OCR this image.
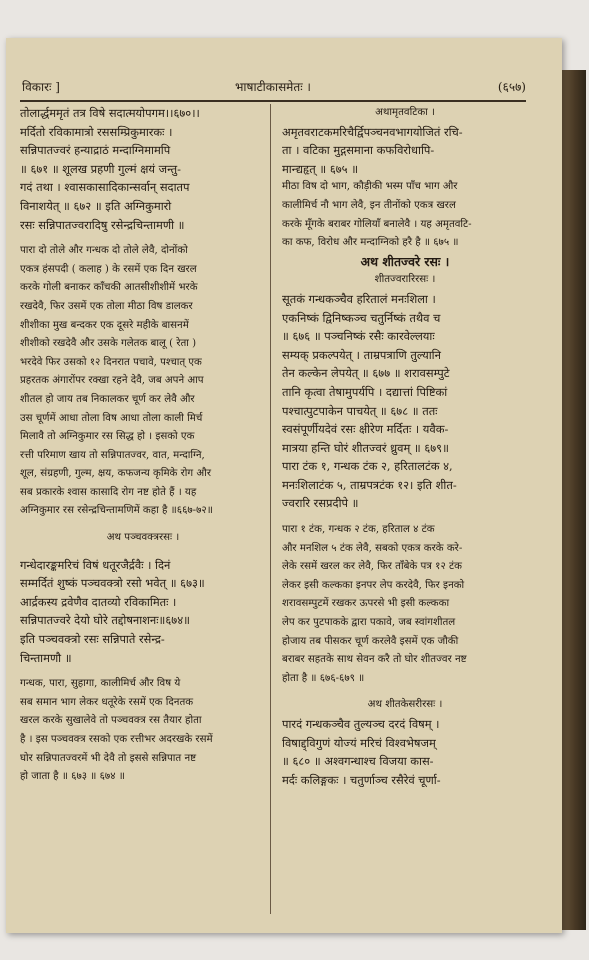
विकारः ]	भाषाटीकासमेतः ।	(६५७)
तोलार्द्धममृतं तत्र विषे सदात्मयोपगम।।६७०।।
मर्दितो रविकामात्रो रससम्प्रिकुमारकः ।
सन्निपातज्वरं हन्याद्राठं मन्दाग्निमामपि
॥ ६७१ ॥ शूलख प्रहणी गुल्मं क्षयं जन्तु-
गदं तथा । श्वासकासादिकान्सर्वान् सदातप
विनाशयेत् ॥ ६७२ ॥ इति अग्निकुमारो
रसः सन्निपातज्वरादिषु रसेन्द्रचिन्तामणी ॥
पारा दो तोले और गन्धक दो तोले लेवै, दोनोंको
एकत्र हंसपदी ( कलाह ) के रसमें एक दिन खरल
करके गोली बनाकर काँचकी आतसीशीशीमें भरके
रखदेवै, फिर उसमें एक तोला मीठा विष डालकर
शीशीका मुख बन्दकर एक दूसरे महीके बासनमें
शीशीको रखदेवै और उसके गलेतक बालू ( रेता )
भरदेवे फिर उसको १२ दिनरात पचावे, पश्चात् एक
प्रहरतक अंगारोंपर रक्खा रहने देवै, जब अपने आप
शीतल हो जाय तब निकालकर चूर्ण कर लेवै और
उस चूर्णमें आधा तोला विष आधा तोला काली मिर्च
मिलावै तो अग्निकुमार रस सिद्ध हो । इसको एक
रत्ती परिमाण खाय तो सन्निपातज्वर, वात, मन्दाग्नि,
शूल, संग्रहणी, गुल्म, क्षय, कफजन्य कृमिके रोग और
सब प्रकारके श्वास कासादि रोग नष्ट होते हैं । यह
अग्निकुमार रस रसेन्द्रचिन्तामणिमें कहा है ॥६६७-७२॥
अथ पञ्चवक्त्ररसः ।
गन्धेदारङ्कमरिचं विषं धतूरजैर्द्रवैः । दिनं
सम्मर्दितं शुष्कं पञ्चवक्त्रो रसो भवेत् ॥ ६७३॥
आर्द्रकस्य द्रवेणैव दातव्यो रविकामितः ।
सन्निपातज्वरे देयो घोरे तद्दोषनाशनः॥६७४॥
इति पञ्चवक्त्रो रसः सन्निपाते रसेन्द्र-
चिन्तामणौ ॥
गन्धक, पारा, सुहागा, कालीमिर्च और विष ये
सब समान भाग लेकर धतूरेके रसमें एक दिनतक
खरल करके सुखालेवे तो पञ्चवक्त्र रस तैयार होता
है । इस पञ्चवक्त्र रसको एक रत्तीभर अदरखके रसमें
घोर सन्निपातज्वरमें भी देवै तो इससे सन्निपात नष्ट
हो जाता है ॥ ६७३ ॥ ६७४ ॥
अथामृतवटिका ।
अमृतवराटकमरिचैर्द्विपञ्चनवभागयोजितं रचि-
ता । वटिका मुद्गसमाना कफविरोधापि-
मान्द्यहृत् ॥ ६७५ ॥
मीठा विष दो भाग, कौड़ीकी भस्म पाँच भाग और
कालीमिर्च नौ भाग लेवै, इन तीनोंको एकत्र खरल
करके मूँगके बराबर गोलियाँ बनालेवै । यह अमृतवटि-
का कफ, विरोध और मन्दाग्निको हरै है ॥ ६७५ ॥
अथ शीतज्वरे रसः ।
शीतज्वरारिरसः ।
सूतकं गन्धकञ्चैव हरितालं मनःशिला ।
एकनिष्कं द्विनिष्कञ्च चतुर्निष्कं तथैव च
॥ ६७६ ॥ पञ्चनिष्कं रसैः कारवेल्लयाः
सम्यक् प्रकल्पयेत् । ताम्रपत्राणि तुल्यानि
तेन कल्केन लेपयेत् ॥ ६७७ ॥ शरावसम्पुटे
तानि कृत्वा तेषामुपर्यपि । दद्यात्तां पिष्टिकां
पश्चात्पुटपाकेन पाचयेत् ॥ ६७८ ॥ ततः
स्वसंपूर्णीयदेवं रसः क्षीरेण मर्दितः । यवैक-
मात्रया हन्ति घोरं शीतज्वरं ध्रुवम् ॥ ६७९॥
पारा टंक १, गन्धक टंक २, हरितालटंक ४,
मनःशिलाटंक ५, ताम्रपत्रटंक १२। इति शीत-
ज्वरारि रसप्रदीपे ॥
पारा १ टंक, गन्धक २ टंक, हरिताल ४ टंक
और मनशिल ५ टंक लेवै, सबको एकत्र करके करे-
लेके रसमें खरल कर लेवै, फिर ताँबेके पत्र १२ टंक
लेकर इसी कल्कका इनपर लेप करदेवै, फिर इनको
शरावसम्पुटमें रखकर ऊपरसे भी इसी कल्कका
लेप कर पुटपाकके द्वारा पकावे, जब स्वांगशीतल
होजाय तब पीसकर चूर्ण करलेवै इसमें एक जौकी
बराबर सहतके साथ सेवन करै तो घोर शीतज्वर नष्ट
होता है ॥ ६७६-६७९ ॥
अथ शीतकेसरीरसः ।
पारदं गन्धकञ्चैव तुल्यञ्च दरदं विषम् ।
विषाद्द्विगुणं योज्यं मरिचं विश्वभेषजम्
॥ ६८० ॥ अश्वगन्धाश्च विजया कास-
मर्दः कलिङ्गकः । चतुर्णाञ्च रसैरेवं चूर्णा-
